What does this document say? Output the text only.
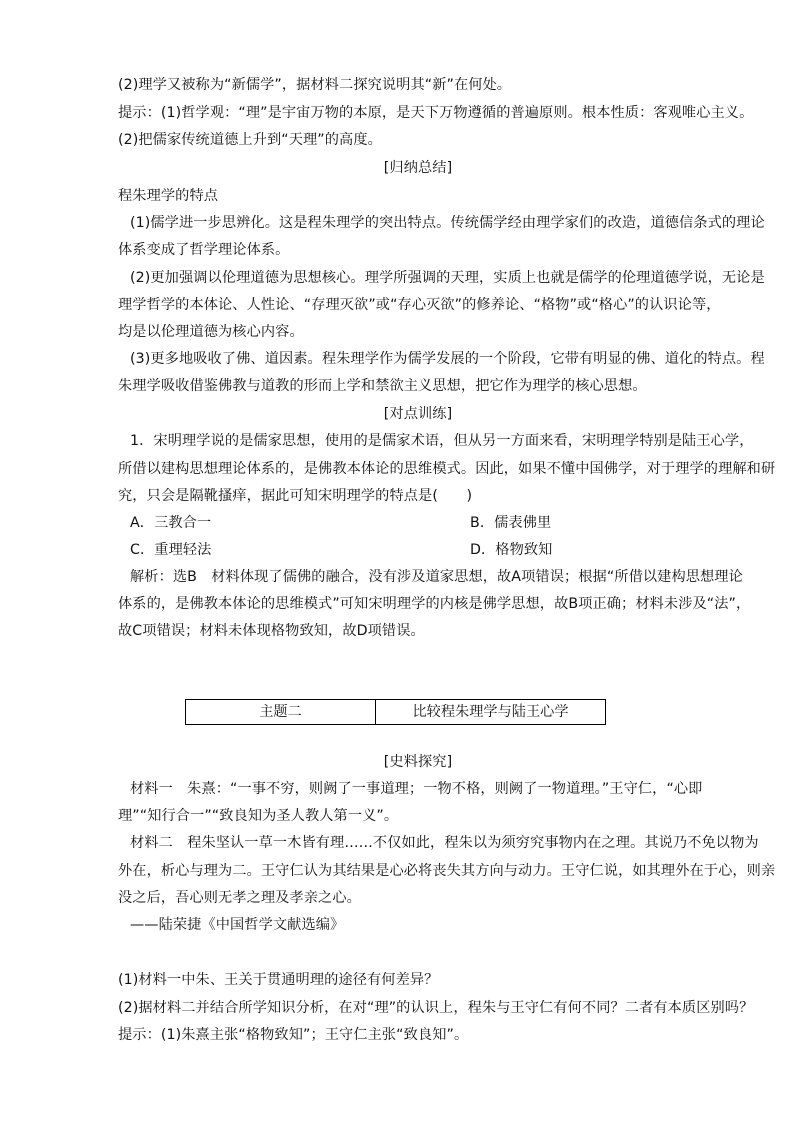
(2)理学又被称为“新儒学”，据材料二探究说明其“新”在何处。
提示：(1)哲学观：“理”是宇宙万物的本原，是天下万物遵循的普遍原则。根本性质：客观唯心主义。
(2)把儒家传统道德上升到“天理”的高度。
[归纳总结]
程朱理学的特点
(1)儒学进一步思辨化。这是程朱理学的突出特点。传统儒学经由理学家们的改造，道德信条式的理论
体系变成了哲学理论体系。
(2)更加强调以伦理道德为思想核心。理学所强调的天理，实质上也就是儒学的伦理道德学说，无论是
理学哲学的本体论、人性论、“存理灭欲”或“存心灭欲”的修养论、“格物”或“格心”的认识论等，
均是以伦理道德为核心内容。
(3)更多地吸收了佛、道因素。程朱理学作为儒学发展的一个阶段，它带有明显的佛、道化的特点。程
朱理学吸收借鉴佛教与道教的形而上学和禁欲主义思想，把它作为理学的核心思想。
[对点训练]
1．宋明理学说的是儒家思想，使用的是儒家术语，但从另一方面来看，宋明理学特别是陆王心学，
所借以建构思想理论体系的，是佛教本体论的思维模式。因此，如果不懂中国佛学，对于理学的理解和研
究，只会是隔靴搔痒，据此可知宋明理学的特点是(　　)
A．三教合一	B．儒表佛里
C．重理轻法	D．格物致知
解析：选B　材料体现了儒佛的融合，没有涉及道家思想，故A项错误；根据“所借以建构思想理论
体系的，是佛教本体论的思维模式”可知宋明理学的内核是佛学思想，故B项正确；材料未涉及“法”，
故C项错误；材料未体现格物致知，故D项错误。
主题二	比较程朱理学与陆王心学
[史料探究]
材料一　朱熹：“一事不穷，则阙了一事道理；一物不格，则阙了一物道理。”王守仁，“心即
理”“知行合一”“致良知为圣人教人第一义”。
材料二　程朱坚认一草一木皆有理……不仅如此，程朱以为须穷究事物内在之理。其说乃不免以物为
外在，析心与理为二。王守仁认为其结果是心必将丧失其方向与动力。王守仁说，如其理外在于心，则亲
没之后，吾心则无孝之理及孝亲之心。
——陆荣捷《中国哲学文献选编》
(1)材料一中朱、王关于贯通明理的途径有何差异？
(2)据材料二并结合所学知识分析，在对“理”的认识上，程朱与王守仁有何不同？二者有本质区别吗？
提示：(1)朱熹主张“格物致知”；王守仁主张“致良知”。
